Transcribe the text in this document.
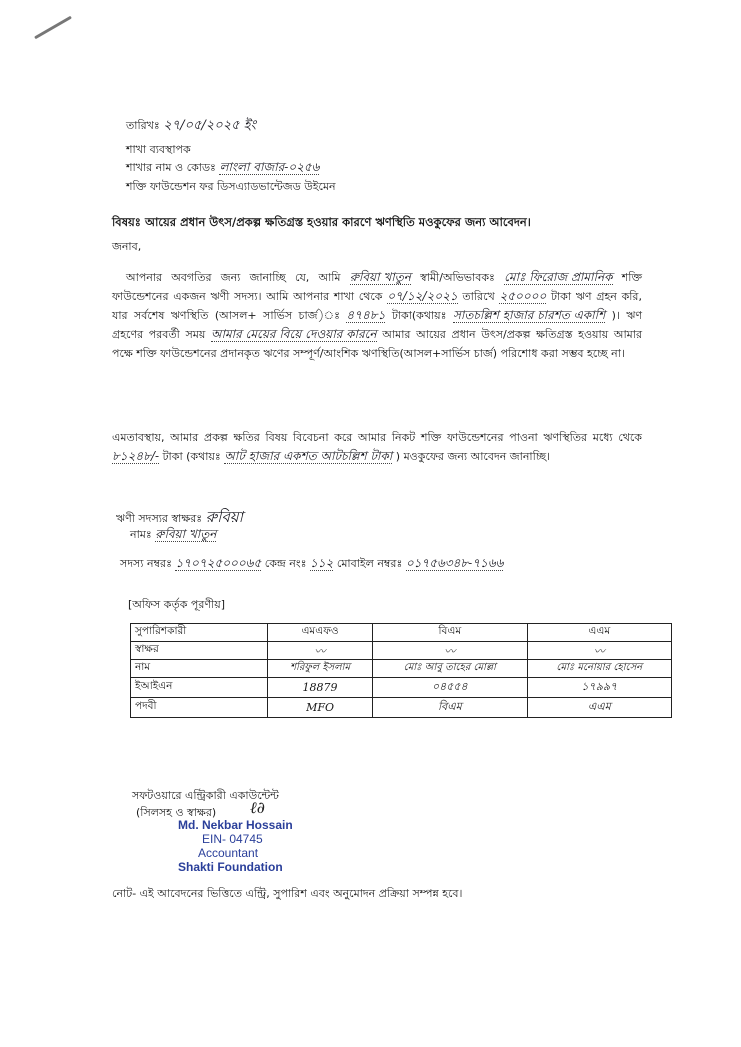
তারিখঃ ২৭/০৫/২০২৫ ইং
শাখা ব্যবস্থাপক
শাখার নাম ও কোডঃ লাংলা বাজার-০২৫৬
শক্তি ফাউন্ডেশন ফর ডিসএ্যাডভান্টেজড উইমেন
বিষয়ঃ আয়ের প্রধান উৎস/প্রকল্প ক্ষতিগ্রস্ত হওয়ার কারণে ঋণস্থিতি মওকুফের জন্য আবেদন।
জনাব,
আপনার অবগতির জন্য জানাচ্ছি যে, আমি রুবিয়া খাতুন স্বামী/অভিভাবকঃ মোঃ ফিরোজ প্রামানিক শক্তি ফাউন্ডেশনের একজন ঋণী সদস্য। আমি আপনার শাখা থেকে ০৭/১২/২০২১ তারিখে ২৫০০০০ টাকা ঋণ গ্রহন করি, যার সর্বশেষ ঋণস্থিতি (আসল+ সার্ভিস চার্জ)ঃ ৪৭৪৮১ টাকা(কথায়ঃ সাতচল্লিশ হাজার চারশত একাশি )। ঋণ গ্রহণের পরবর্তী সময় আমার মেয়ের বিয়ে দেওয়ার কারনে আমার আয়ের প্রধান উৎস/প্রকল্প ক্ষতিগ্রস্ত হওয়ায় আমার পক্ষে শক্তি ফাউন্ডেশনের প্রদানকৃত ঋণের সম্পূর্ণ/আংশিক ঋণস্থিতি(আসল+সার্ভিস চার্জ) পরিশোধ করা সম্ভব হচ্ছে না।
এমতাবস্থায়, আমার প্রকল্প ক্ষতির বিষয় বিবেচনা করে আমার নিকট শক্তি ফাউন্ডেশনের পাওনা ঋণস্থিতির মধ্যে থেকে ৮১২৪৮/- টাকা (কথায়ঃ আট হাজার একশত আটচল্লিশ টাকা ) মওকুফের জন্য আবেদন জানাচ্ছি।
ঋণী সদস্যর স্বাক্ষরঃ রুবিয়া
নামঃ রুবিয়া খাতুন
সদস্য নম্বরঃ ১৭০৭২৫০০০৬৫ কেন্দ্র নংঃ ১১২ মোবাইল নম্বরঃ ০১৭৫৬৩৪৮-৭১৬৬
[অফিস কর্তৃক পূরণীয়]
সুপারিশকারী	এমএফও	বিএম	এএম
স্বাক্ষর	〰	〰	〰
নাম	শরিফুল ইসলাম	মোঃ আবু তাহের মোল্লা	মোঃ মনোয়ার হোসেন
ইআইএন	18879	০৪৫৫৪	১৭৯৯৭
পদবী	MFO	বিএম	এএম
সফটওয়ারে এন্ট্রিকারী একাউন্টেন্ট
(সিলসহ ও স্বাক্ষর) ℓ∂
Md. Nekbar Hossain
EIN- 04745
Accountant
Shakti Foundation
নোট- এই আবেদনের ভিত্তিতে এন্ট্রি, সুপারিশ এবং অনুমোদন প্রক্রিয়া সম্পন্ন হবে।
